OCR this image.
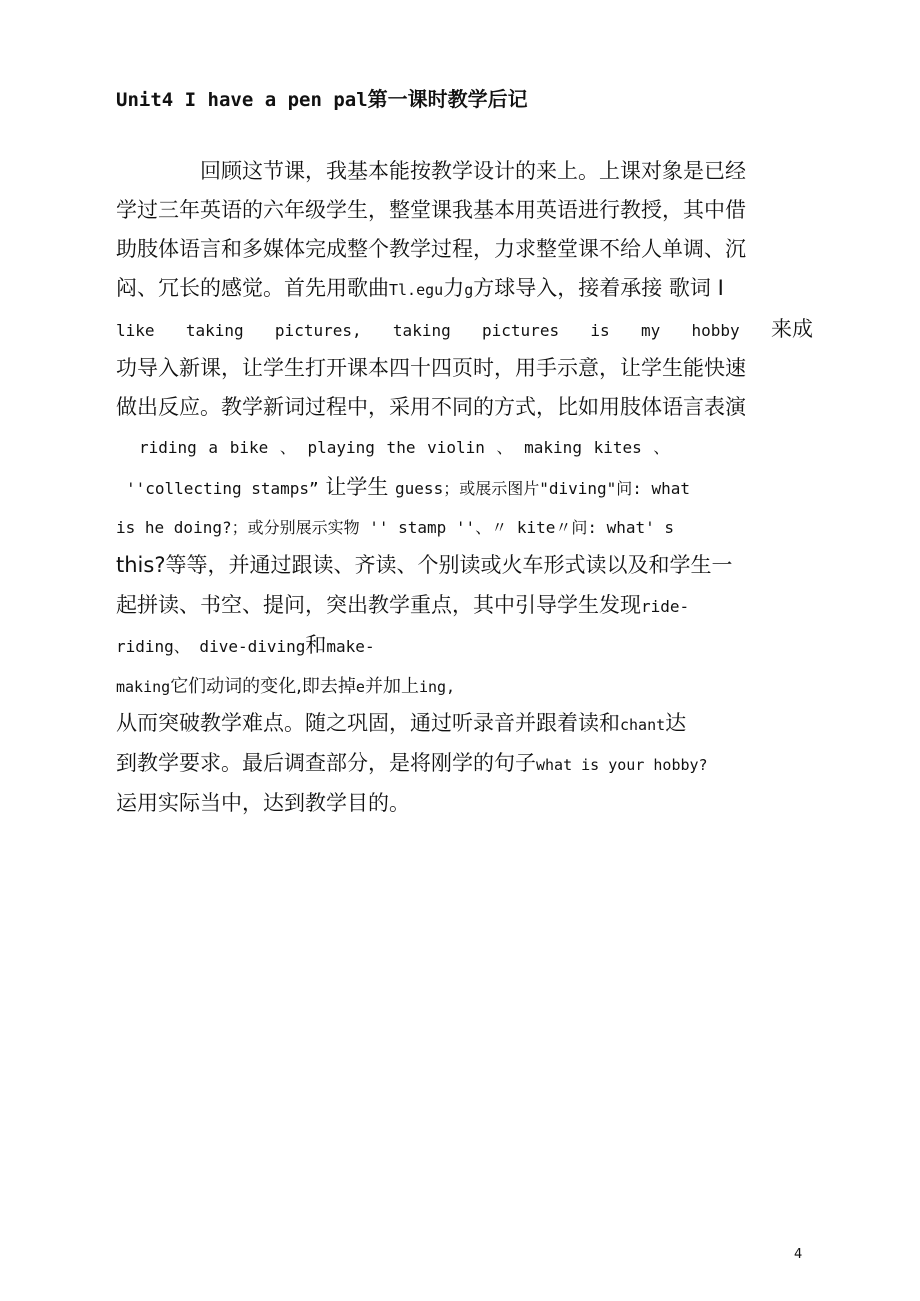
Unit4 I have a pen pal第一课时教学后记
回顾这节课，我基本能按教学设计的来上。上课对象是已经
学过三年英语的六年级学生，整堂课我基本用英语进行教授，其中借
助肢体语言和多媒体完成整个教学过程，力求整堂课不给人单调、沉
闷、冗长的感觉。首先用歌曲Tl.egu力g方球导入，接着承接 歌词 I
like taking pictures, taking pictures is my hobby 来成
功导入新课，让学生打开课本四十四页时，用手示意，让学生能快速
做出反应。教学新词过程中，采用不同的方式，比如用肢体语言表演
riding a bike 、 playing the violin 、 making kites 、
''collecting stamps” 让学生 guess；或展示图片"diving"问: what
is he doing?；或分别展示实物 '' stamp ''、〃 kite〃问: what' s
this?等等，并通过跟读、齐读、个别读或火车形式读以及和学生一
起拼读、书空、提问，突出教学重点，其中引导学生发现ride-
riding、 dive-diving和make-
making它们动词的变化,即去掉e并加上ing,
从而突破教学难点。随之巩固，通过听录音并跟着读和chant达
到教学要求。最后调查部分，是将刚学的句子what is your hobby?
运用实际当中，达到教学目的。
4
